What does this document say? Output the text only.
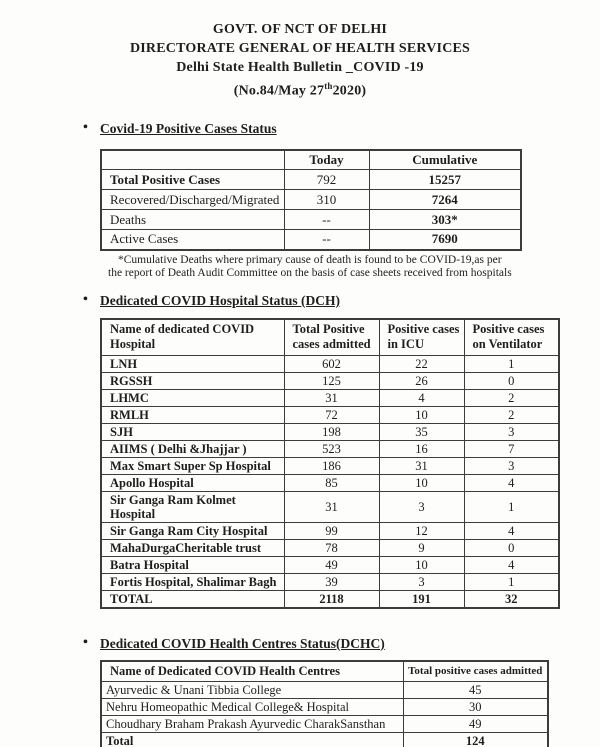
GOVT. OF NCT OF DELHI
DIRECTORATE GENERAL OF HEALTH SERVICES
Delhi State Health Bulletin _COVID -19
(No.84/May 27th2020)
• Covid-19 Positive Cases Status
	Today	Cumulative
Total Positive Cases	792	15257
Recovered/Discharged/Migrated	310	7264
Deaths	--	303*
Active Cases	--	7690
*Cumulative Deaths where primary cause of death is found to be COVID-19,as per
the report of Death Audit Committee on the basis of case sheets received from hospitals
• Dedicated COVID Hospital Status (DCH)
Name of dedicated COVID Hospital	Total Positive cases admitted	Positive cases in ICU	Positive cases on Ventilator
LNH	602	22	1
RGSSH	125	26	0
LHMC	31	4	2
RMLH	72	10	2
SJH	198	35	3
AIIMS ( Delhi &Jhajjar )	523	16	7
Max Smart Super Sp Hospital	186	31	3
Apollo Hospital	85	10	4
Sir Ganga Ram Kolmet Hospital	31	3	1
Sir Ganga Ram City Hospital	99	12	4
MahaDurgaCheritable trust	78	9	0
Batra Hospital	49	10	4
Fortis Hospital, Shalimar Bagh	39	3	1
TOTAL	2118	191	32
• Dedicated COVID Health Centres Status(DCHC)
Name of Dedicated COVID Health Centres	Total positive cases admitted
Ayurvedic & Unani Tibbia College	45
Nehru Homeopathic Medical College& Hospital	30
Choudhary Braham Prakash Ayurvedic CharakSansthan	49
Total	124
